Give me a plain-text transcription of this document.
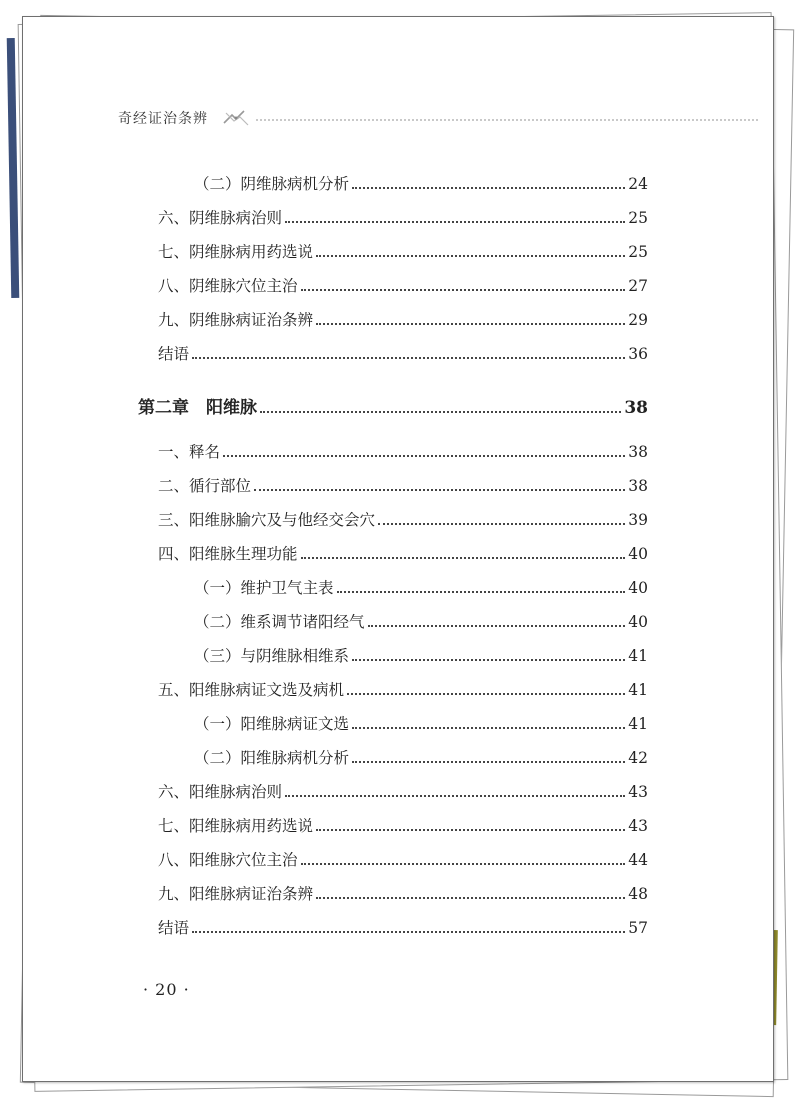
奇经证治条辨
（二）阴维脉病机分析	24
六、阴维脉病治则	25
七、阴维脉病用药选说	25
八、阴维脉穴位主治	27
九、阴维脉病证治条辨	29
结语	36
第二章　阳维脉	38
一、释名	38
二、循行部位	38
三、阳维脉腧穴及与他经交会穴	39
四、阳维脉生理功能	40
（一）维护卫气主表	40
（二）维系调节诸阳经气	40
（三）与阴维脉相维系	41
五、阳维脉病证文选及病机	41
（一）阳维脉病证文选	41
（二）阳维脉病机分析	42
六、阳维脉病治则	43
七、阳维脉病用药选说	43
八、阳维脉穴位主治	44
九、阳维脉病证治条辨	48
结语	57
· 20 ·
